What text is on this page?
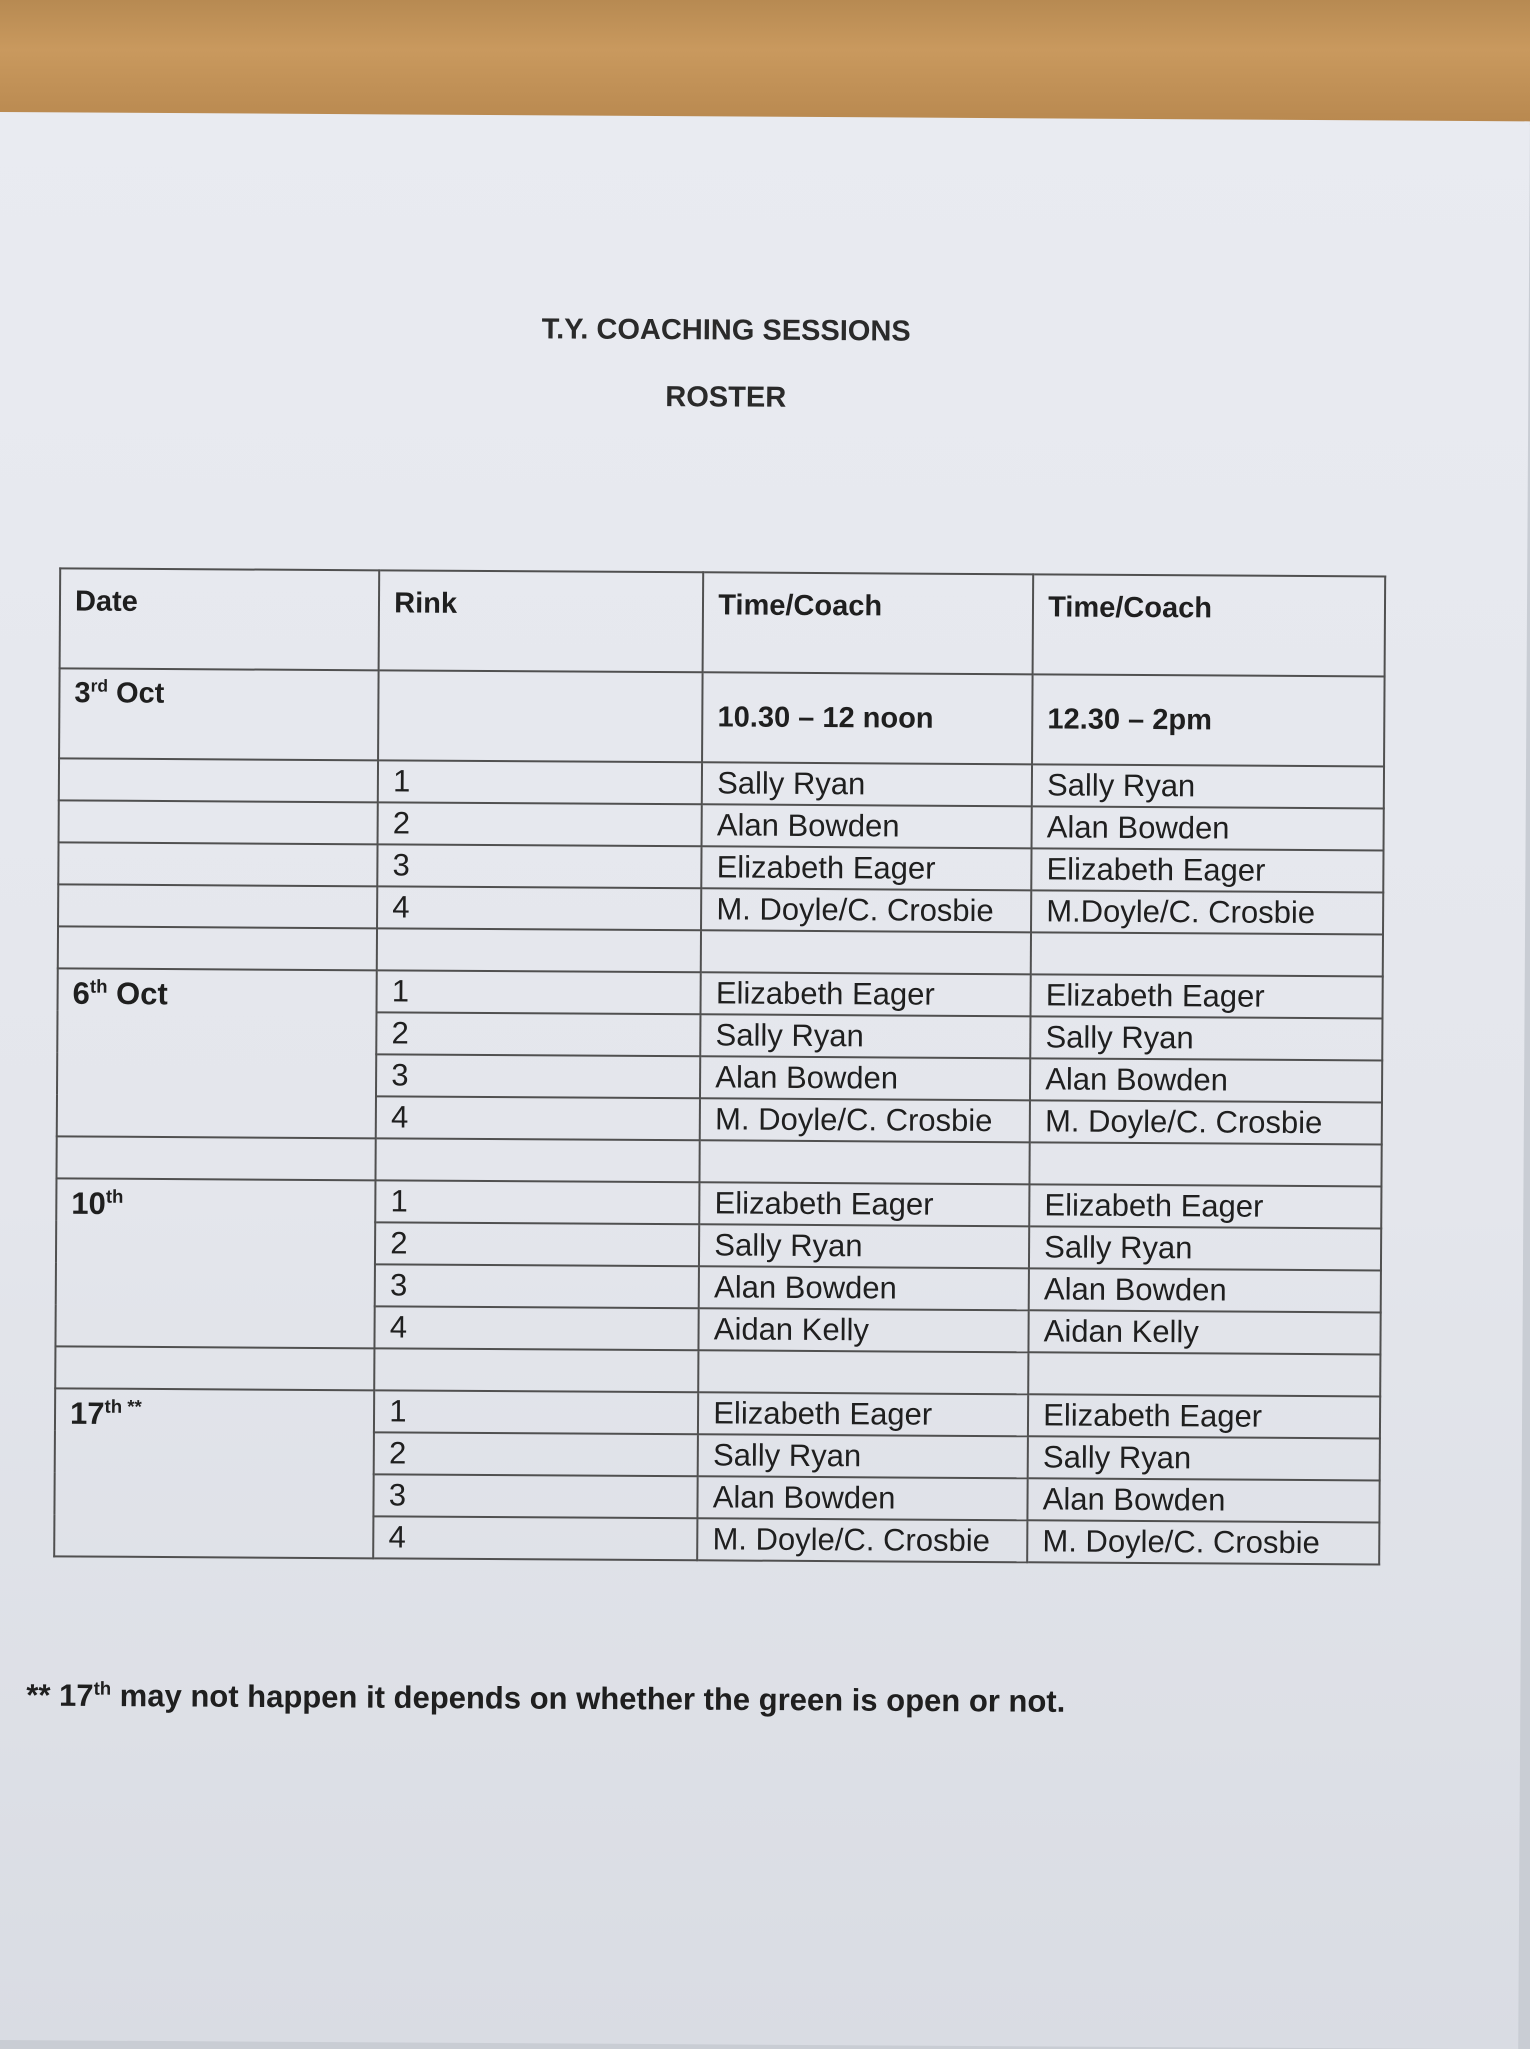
T.Y. COACHING SESSIONS
ROSTER
Date	Rink	Time/Coach	Time/Coach
3rd Oct		10.30 – 12 noon	12.30 – 2pm
	1	Sally Ryan	Sally Ryan
	2	Alan Bowden	Alan Bowden
	3	Elizabeth Eager	Elizabeth Eager
	4	M. Doyle/C. Crosbie	M.Doyle/C. Crosbie

6th Oct	1	Elizabeth Eager	Elizabeth Eager
	2	Sally Ryan	Sally Ryan
	3	Alan Bowden	Alan Bowden
	4	M. Doyle/C. Crosbie	M. Doyle/C. Crosbie

10th	1	Elizabeth Eager	Elizabeth Eager
	2	Sally Ryan	Sally Ryan
	3	Alan Bowden	Alan Bowden
	4	Aidan Kelly	Aidan Kelly

$17^{th **}$	1	Elizabeth Eager	Elizabeth Eager
	2	Sally Ryan	Sally Ryan
	3	Alan Bowden	Alan Bowden
	4	M. Doyle/C. Crosbie	M. Doyle/C. Crosbie
** 17th may not happen it depends on whether the green is open or not.
